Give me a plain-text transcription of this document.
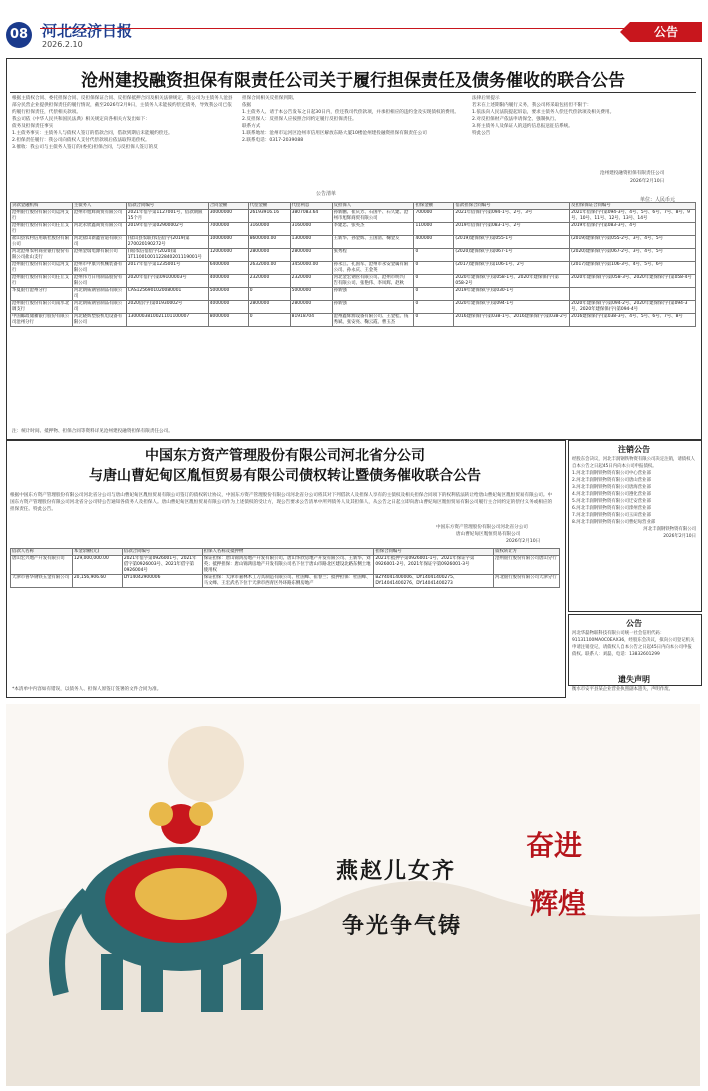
08 河北经济日报
2026.2.10
公告
沧州建投融资担保有限责任公司关于履行担保责任及债务催收的联合公告

根据主债权合同、委托担保合同、反担保保证合同、反担保抵押合同及相关法律规定，我公司为主债务人沧县部分民营企业提供担保责任的履行情况，截至2026年2月9日，主债务人未能按约偿还债务，导致我公司已依约履行担保责任，代偿相关款项。

我公司依《中华人民共和国民法典》相关规定向各相关方发出如下：

债务及担保责任事实

1.主债务事实：主债务人与债权人签订的借款合同，借款到期后未能履约偿还。

2.担保责任履行：我公司向债权人支付代偿款项后依法取得追偿权。

3.催收：我公司与主债务人签订的(委托)担保合同，与反担保人签订的反

担保合同相关反担保到期。

依据

1.主债务人、请于本公告发布之日起30日内，偿还我司代偿款项，并承担相应的违约金及实现债权的费用。

2.反担保人：反担保人应按照合同约定履行反担保责任。

联系方式

1.联系地址：沧州市运河区沧州市信用区解放东路大厦10楼沧州建投融资担保有限责任公司

2.联系电话：0317-2039088

法律后果提示

若未在上述期限内履行义务，我公司将采取包括但不限于：

1.依法向人民法院提起诉讼，要求主债务人偿还代偿款项及相关费用。

2.对反担保财产依法申请保全、强制执行。

3.将主债务人及保证人的违约信息报送征信系统。

特此公告

沧州建投融资担保有限责任公司
2026年2月10日
公告清单
单位：人民币元
贷款金融机构	主债务人	借款合同编号	合同金额	代偿金额	代偿利息	反担保人	担保金额	借款担保合同编号	反担保保证合同编号
沧州银行股份有限公司运河支行	沧州市旭辉商贸有限公司	2021年借字第1127001号，借款期限15个月	30000000	26193916.16	3807083.64	孙新鹏、崔庆芳、石国平、石久建、沧州市旭辉商贸有限公司	700000	2021年借保(字)第094-1号、2号、3号	2021年借保(字)第094-3号、4号、5号、6号、7号、8号、9号、10号、11号、12号、13号、14号
沧州银行股份有限公司任丘支行	河北永欣鑫商贸有限公司	2019年借字第02900002号	7000000	3160000	3160000	李建忠、张英杰	110000	2019年借保(字)第083-1号、2号	2019年借保(字)第083-3号、4号
盐山县农村信用联社股份有限公司	河北盐山新鑫管道有限公司	(盐山县农联)农信借字(2019)第270020190272号	10000000	8600000.00	1300000	王新华、孙金辉、王国清、鞠金友	400000	(2019)建保保(字)第055-1号	(2019)建保保(字)第055-2号、3号、4号、5号
河北沧州农村商业银行股份有限公司盐山支行	沧州金瑞电源有限公司	(商)农信借借字(2020)第1T11001001122840201119001号	12000000	2800000	2800000	张秀程	0	(2020)建保保(字)第067-1号	(2020)建保保(字)第067-2号、3号、4号、5号
沧州银行股份有限公司运河支行	沧州市中康兴机械装备有限公司	2017年借字第1235001号	6400000	2632000.00	3450000.00	孙永江、孔国军、沧州市永安金属有限公司、孙永庆、王金英	0	(2017)建保保(字)第106-1号、2号	(2017)建保保(字)第106-3号、4号、5号、6号
沧州银行股份有限公司任丘支行	沧州伟力日用制品股份有限公司	2020年借(字)第09100003号	4000000	2320000	2320000	河北金宏钢管有限公司、沧州市明兴广告有限公司、张艳伟、李凤辉、赵秋	0	2020年建保保(字)第058-1号、2020年建保保(字)第058-2号	2020年建保保(字)第058-3号、2020年建保保(字)第058-4号
华夏银行沧州分行	河北朗威钢管制品有限公司	CAS1256901020080001	5000000	0	5000000	孙新强	0	2019年建保保(字)第030-1号	
沧州银行股份有限公司南水北调支行	河北朗威钢管制品有限公司	2020借(字)第01930002号	4000000	2800000	2800000	孙新强	0	2020年建保保(字)第094-1号	2020年建保保(字)第094-2号、2020年建保保(字)第094-3号、2020年建保保(字)第094-4号
中国邮政储蓄银行股份有限公司沧州分行	河北晓辉塑胶机电设备有限公司	1300003810021101100007	8000000	0	81918704	沧州鑫辉源设备有限公司、王金桂、钱秀斌、张安亮、鞠云霞、曹玉杰	0	2016建保保(字)第038-1号、2016建保保(字)第038-2号	2016建保保(字)第038-3号、4号、5号、6号、7号、8号
注：统计时间、抵押物、担保合同等资料详见沧州建投融资担保有限责任公司。
中国东方资产管理股份有限公司河北省分公司
与唐山曹妃甸区胤恒贸易有限公司债权转让暨债务催收联合公告
根据中国东方资产管理股份有限公司河北省分公司与唐山曹妃甸区胤恒贸易有限公司签订的债权转让协议，中国东方资产管理股份有限公司河北省分公司将其对下列借款人及担保人享有的主债权及相关担保合同项下的权利依法转让给唐山曹妃甸区胤恒贸易有限公司。中国东方资产管理股份有限公司河北省分公司特公告通知各债务人及担保人。唐山曹妃甸区胤恒贸易有限公司作为上述债权的受让方，现公告要求公告清单中所列债务人及其担保人，从公告之日起立即向唐山曹妃甸区胤恒贸易有限公司履行主合同约定的偿付义务或相应的担保责任。特此公告。
中国东方资产管理股份有限公司河北省分公司
唐山曹妃甸区胤恒贸易有限公司
2026年2月10日
借款人名称	本金余额(元)	借款合同编号	担保人名称及抵押物	担保合同编号	债权转让方
唐山宏兴地产开发有限公司	129,000,000.00	2021年借字第0926001号、2021年借字第0926003号、2021年借字第0926004号	保证担保：唐山锦鸿房地产开发有限公司、唐山华欣房地产开发有限公司、王新华、刘英；抵押担保：唐山锦鸿房地产开发有限公司名下位于唐山市路北区建设北路东侧土地使用权	2021年抵押字第0926001-1号、2021年保证字第0926001-2号、2021年保证字第0926001-3号	沧州银行股份有限公司唐山分行
天津市鲁华钢铁五金有限公司	20,156,906.60	DY14042900006	保证担保：天津市嘉林木工刀具制造有限公司、杜国峰、崔春兰；抵押担保：杜国峰、马文峰、王宏武名下位于天津市西青区外环路东侧房地产	BZY4041400006、DY14041400275、DY14041400276、DY14041400273	河北银行股份有限公司天津分行
*本清单中内容如有错误，以债务人、担保人原签订签署的文件合同为准。
注销公告

经股东会决议，河北丰润钢铁物资有限公司决定注销，请债权人自本公告之日起45日内向本公司申报债权。

1.河北丰润钢铁物资有限公司中心营业部

2.河北丰润钢铁物资有限公司唐山营业部

3.河北丰润钢铁物资有限公司唐海营业部

4.河北丰润钢铁物资有限公司遵化营业部

5.河北丰润钢铁物资有限公司迁安营业部

6.河北丰润钢铁物资有限公司滦州营业部

7.河北丰润钢铁物资有限公司玉田营业部

8.河北丰润钢铁物资有限公司曹妃甸营业部

河北丰润钢铁物资有限公司

2026年2月10日

公告

河北华磊物联科技有限公司统一社会信用代码：91131100MA0C0EAX36，经股东会决议，拟向公司登记机关申请注销登记，请债权人自本公告之日起45日内向本公司申报债权。联系人：刘磊，电话：13832601299

遗失声明

衡水市安平县某企业营业执照副本遗失，声明作废。

燕赵儿女齐
奋进
争光争气铸
辉煌
